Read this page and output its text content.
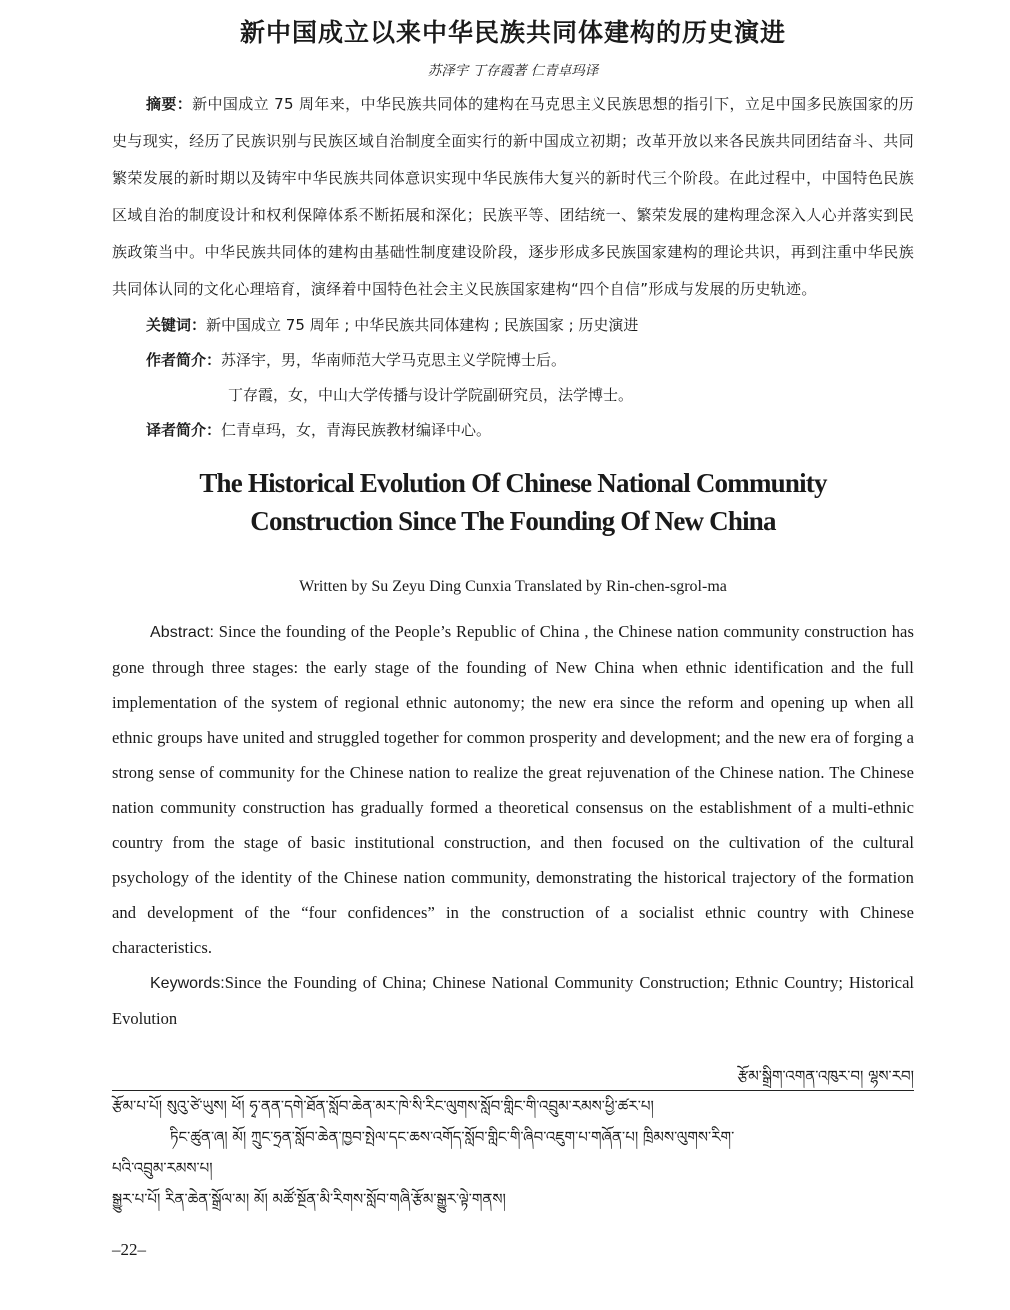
新中国成立以来中华民族共同体建构的历史演进
苏泽宇 丁存霞著 仁青卓玛译

摘要：新中国成立 75 周年来，中华民族共同体的建构在马克思主义民族思想的指引下，立足中国多民族国家的历史与现实，经历了民族识别与民族区域自治制度全面实行的新中国成立初期；改革开放以来各民族共同团结奋斗、共同繁荣发展的新时期以及铸牢中华民族共同体意识实现中华民族伟大复兴的新时代三个阶段。在此过程中，中国特色民族区域自治的制度设计和权利保障体系不断拓展和深化；民族平等、团结统一、繁荣发展的建构理念深入人心并落实到民族政策当中。中华民族共同体的建构由基础性制度建设阶段，逐步形成多民族国家建构的理论共识，再到注重中华民族共同体认同的文化心理培育，演绎着中国特色社会主义民族国家建构“四个自信”形成与发展的历史轨迹。

关键词：新中国成立 75 周年 ; 中华民族共同体建构 ; 民族国家 ; 历史演进
作者简介：苏泽宇，男，华南师范大学马克思主义学院博士后。
丁存霞，女，中山大学传播与设计学院副研究员，法学博士。
译者简介：仁青卓玛，女，青海民族教材编译中心。
The Historical Evolution Of Chinese National Community
Construction Since The Founding Of New China
Written by Su Zeyu Ding Cunxia Translated by Rin-chen-sgrol-ma

Abstract: Since the founding of the People’s Republic of China , the Chinese nation community construction has gone through three stages: the early stage of the founding of New China when ethnic identification and the full implementation of the system of regional ethnic autonomy; the new era since the reform and opening up when all ethnic groups have united and struggled together for common prosperity and development; and the new era of forging a strong sense of community for the Chinese nation to realize the great rejuvenation of the Chinese nation. The Chinese nation community construction has gradually formed a theoretical consensus on the establishment of a multi-ethnic country from the stage of basic institutional construction, and then focused on the cultivation of the cultural psychology of the identity of the Chinese nation community, demonstrating the historical trajectory of the formation and development of the “four confidences” in the construction of a socialist ethnic country with Chinese characteristics.

Keywords:Since the Founding of China; Chinese National Community Construction; Ethnic Country; Historical Evolution

རྩོམ་སྒྲིག་འགན་འཁུར་བ། ལྷས་རབ།
རྩོམ་པ་པོ། སུའུ་ཙེ་ཡུས། ཕོ། ཧྭ་ནན་དགེ་ཐོན་སློབ་ཆེན་མར་ཁེ་སི་རིང་ལུགས་སློབ་གླིང་གི་འབྲུམ་རམས་ཕྱི་ཚར་པ།
ཏིང་ཚུན་ཞ། མོ། ཀྲུང་ཧྲན་སློབ་ཆེན་ཁྱབ་སྤེལ་དང་ཆས་འགོད་སློབ་གླིང་གི་ཞིབ་འཇུག་པ་གཞོན་པ། ཁྲིམས་ལུགས་རིག་
པའི་འབྲུམ་རམས་པ།
སྒྱུར་པ་པོ། རིན་ཆེན་སྒྲོལ་མ། མོ། མཚོ་སྔོན་མི་རིགས་སློབ་གཞི་རྩོམ་སྒྱུར་ལྟེ་གནས།
–22–
